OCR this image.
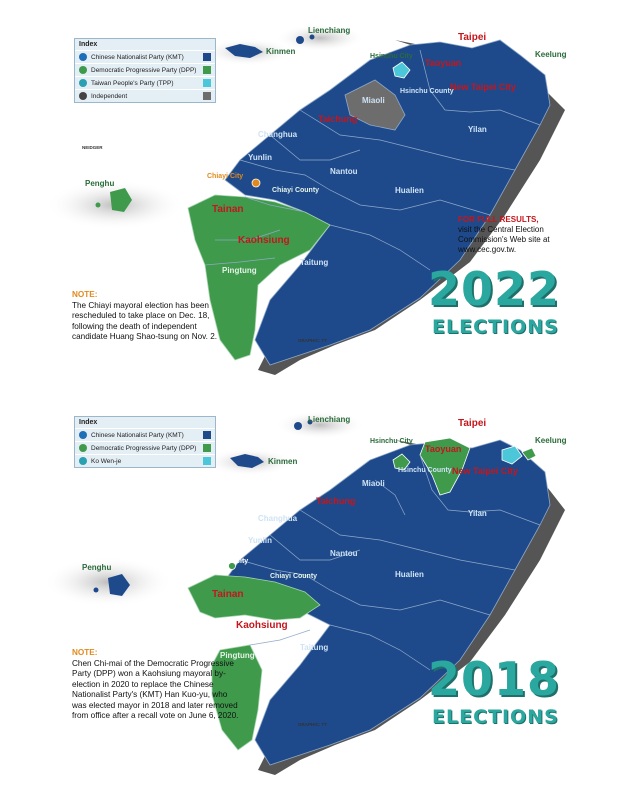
Taipei
Keelung
Hsinchu City
Taoyuan
New Taipei City
Hsinchu County
Miaoli
Taichung
Yilan
Changhua
Yunlin
Nantou
Hualien
Chiayi City
Chiayi County
Tainan
Kaohsiung
Pingtung
Taitung
Penghu
Kinmen
Lienchiang
Index
Chinese Nationalist Party (KMT)
Democratic Progressive Party (DPP)
Taiwan People's Party (TPP)
Independent
NEIDGER
FOR FULL RESULTS,
visit the Central Election Commission's Web site at www.cec.gov.tw.
NOTE:
The Chiayi mayoral election has been rescheduled to take place on Dec. 18, following the death of independent candidate Huang Shao-tsung on Nov. 2.	GRAPHIC: TT
2022
ELECTIONS
Taipei
Keelung
Hsinchu City
Taoyuan
New Taipei City
Hsinchu County
Miaoli
Taichung
Yilan
Changhua
Yunlin
Nantou
Hualien
Chiayi City
Chiayi County
Tainan
Kaohsiung
Pingtung
Taitung
Penghu
Kinmen
Lienchiang
Index
Chinese Nationalist Party (KMT)
Democratic Progressive Party (DPP)
Ko Wen-je
NOTE:
Chen Chi-mai of the Democratic Progressive Party (DPP) won a Kaohsiung mayoral by-election in 2020 to replace the Chinese Nationalist Party's (KMT) Han Kuo-yu, who was elected mayor in 2018 and later removed from office after a recall vote on June 6, 2020.
GRAPHIC: TT
2018
ELECTIONS
